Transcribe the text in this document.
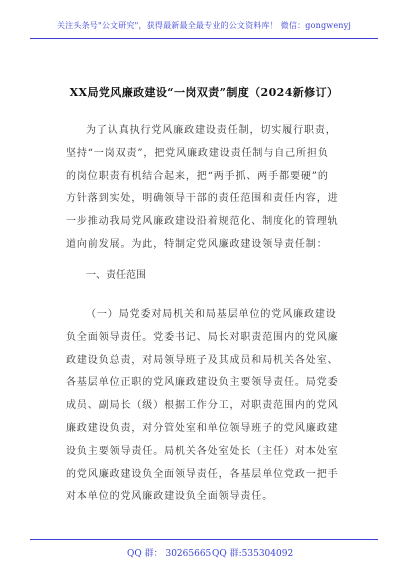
关注头条号"公文研究"，获得最新最全最专业的公文资料库！ 微信：gongwenyj
XX局党风廉政建设“一岗双责”制度（2024新修订）
为了认真执行党风廉政建设责任制，切实履行职责，
坚持“一岗双责”，把党风廉政建设责任制与自己所担负
的岗位职责有机结合起来，把“两手抓、两手都要硬”的
方针落到实处，明确领导干部的责任范围和责任内容，进
一步推动我局党风廉政建设沿着规范化、制度化的管理轨
道向前发展。为此，特制定党风廉政建设领导责任制：
一、责任范围
（一）局党委对局机关和局基层单位的党风廉政建设
负全面领导责任。党委书记、局长对职责范围内的党风廉
政建设负总责，对局领导班子及其成员和局机关各处室、
各基层单位正职的党风廉政建设负主要领导责任。局党委
成员、副局长（级）根据工作分工，对职责范围内的党风
廉政建设负责，对分管处室和单位领导班子的党风廉政建
设负主要领导责任。局机关各处室处长（主任）对本处室
的党风廉政建设负全面领导责任，各基层单位党政一把手
对本单位的党风廉政建设负全面领导责任。
QQ 群： 30265665 QQ 群:535304092
